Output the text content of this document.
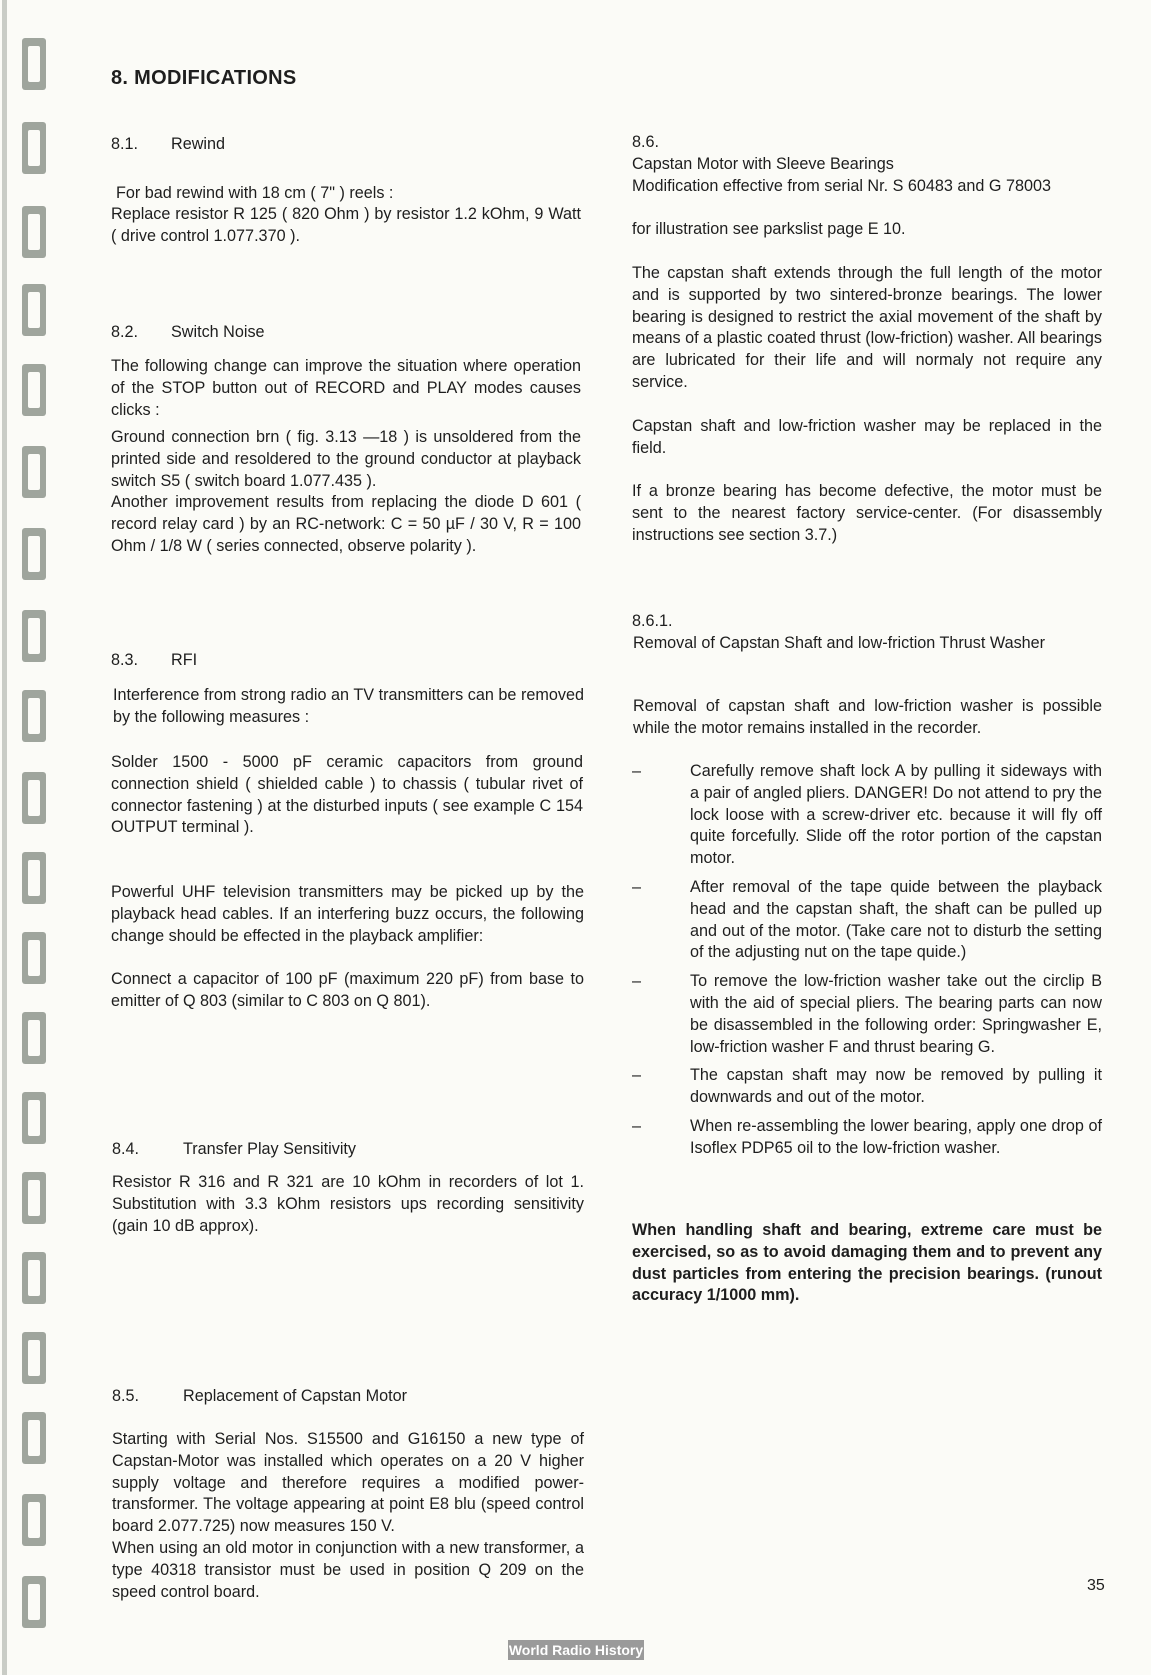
8. MODIFICATIONS
8.1. Rewind
For bad rewind with 18 cm ( 7" ) reels :
Replace resistor R 125 ( 820 Ohm ) by resistor 1.2 kOhm, 9 Watt ( drive control 1.077.370 ).
8.2. Switch Noise
The following change can improve the situation where operation of the STOP button out of RECORD and PLAY modes causes clicks :
Ground connection brn ( fig. 3.13 —18 ) is unsoldered from the printed side and resoldered to the ground conductor at playback switch S5 ( switch board 1.077.435 ).
Another improvement results from replacing the diode D 601 ( record relay card ) by an RC-network: C = 50 µF / 30 V, R = 100 Ohm / 1/8 W ( series connected, observe polarity ).
8.3. RFI
Interference from strong radio an TV transmitters can be removed by the following measures :
Solder 1500 - 5000 pF ceramic capacitors from ground connection shield ( shielded cable ) to chassis ( tubular rivet of connector fastening ) at the disturbed inputs ( see example C 154 OUTPUT terminal ).
Powerful UHF television transmitters may be picked up by the playback head cables. If an interfering buzz occurs, the following change should be effected in the playback amplifier:
Connect a capacitor of 100 pF (maximum 220 pF) from base to emitter of Q 803 (similar to C 803 on Q 801).
8.4.	Transfer Play Sensitivity
Resistor R 316 and R 321 are 10 kOhm in recorders of lot 1. Substitution with 3.3 kOhm resistors ups recording sensitivity (gain 10 dB approx).
8.5.	Replacement of Capstan Motor
Starting with Serial Nos. S15500 and G16150 a new type of Capstan-Motor was installed which operates on a 20 V higher supply voltage and therefore requires a modified power-transformer. The voltage appearing at point E8 blu (speed control board 2.077.725) now measures 150 V.
When using an old motor in conjunction with a new transformer, a type 40318 transistor must be used in position Q 209 on the speed control board.
8.6.
Capstan Motor with Sleeve Bearings
Modification effective from serial Nr. S 60483 and G 78003
for illustration see parkslist page E 10.
The capstan shaft extends through the full length of the motor and is supported by two sintered-bronze bearings. The lower bearing is designed to restrict the axial movement of the shaft by means of a plastic coated thrust (low-friction) washer. All bearings are lubricated for their life and will normaly not require any service.
Capstan shaft and low-friction washer may be replaced in the field.
If a bronze bearing has become defective, the motor must be sent to the nearest factory service-center. (For disassembly instructions see section 3.7.)
8.6.1.
Removal of Capstan Shaft and low-friction Thrust Washer
Removal of capstan shaft and low-friction washer is possible while the motor remains installed in the recorder.
–	Carefully remove shaft lock A by pulling it sideways with a pair of angled pliers. DANGER! Do not attend to pry the lock loose with a screw-driver etc. because it will fly off quite forcefully. Slide off the rotor portion of the capstan motor.
–	After removal of the tape quide between the playback head and the capstan shaft, the shaft can be pulled up and out of the motor. (Take care not to disturb the setting of the adjusting nut on the tape quide.)
–	To remove the low-friction washer take out the circlip B with the aid of special pliers. The bearing parts can now be disassembled in the following order: Springwasher E, low-friction washer F and thrust bearing G.
–	The capstan shaft may now be removed by pulling it downwards and out of the motor.
–	When re-assembling the lower bearing, apply one drop of Isoflex PDP65 oil to the low-friction washer.
When handling shaft and bearing, extreme care must be exercised, so as to avoid damaging them and to prevent any dust particles from entering the precision bearings. (runout accuracy 1/1000 mm).
35
World Radio History
